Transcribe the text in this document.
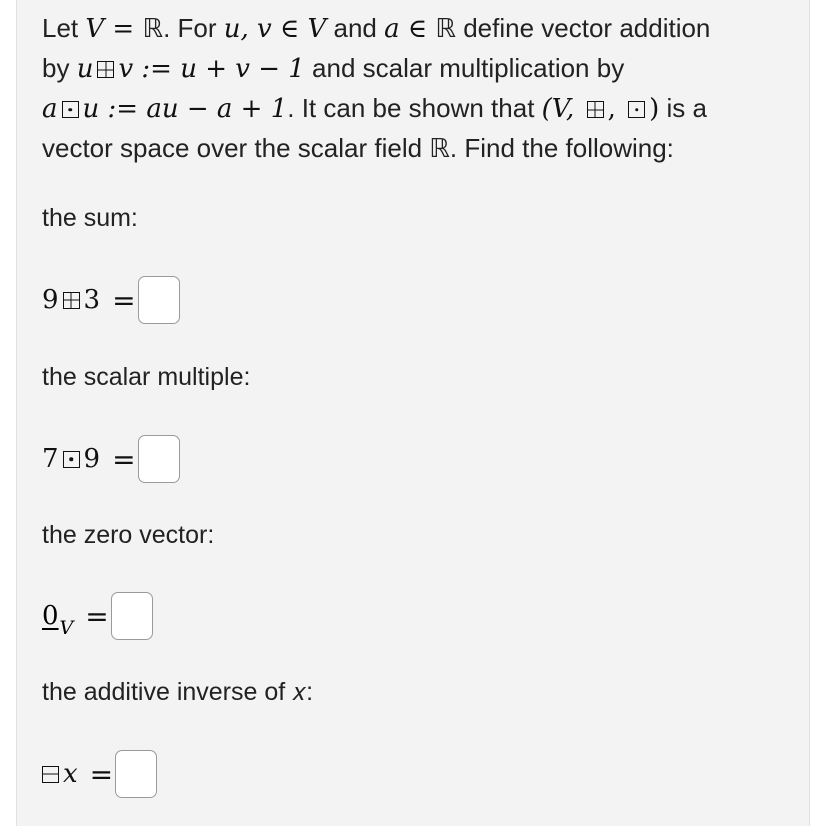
Let V = ℝ. For u, v ∈ V and a ∈ ℝ define vector addition
by u v := u + v − 1 and scalar multiplication by
a u := au − a + 1. It can be shown that (V, , ) is a
vector space over the scalar field ℝ. Find the following:
the sum:
9 3 =
the scalar multiple:
7 9 =
the zero vector:
0 V =
the additive inverse of 𝑥:
x =
